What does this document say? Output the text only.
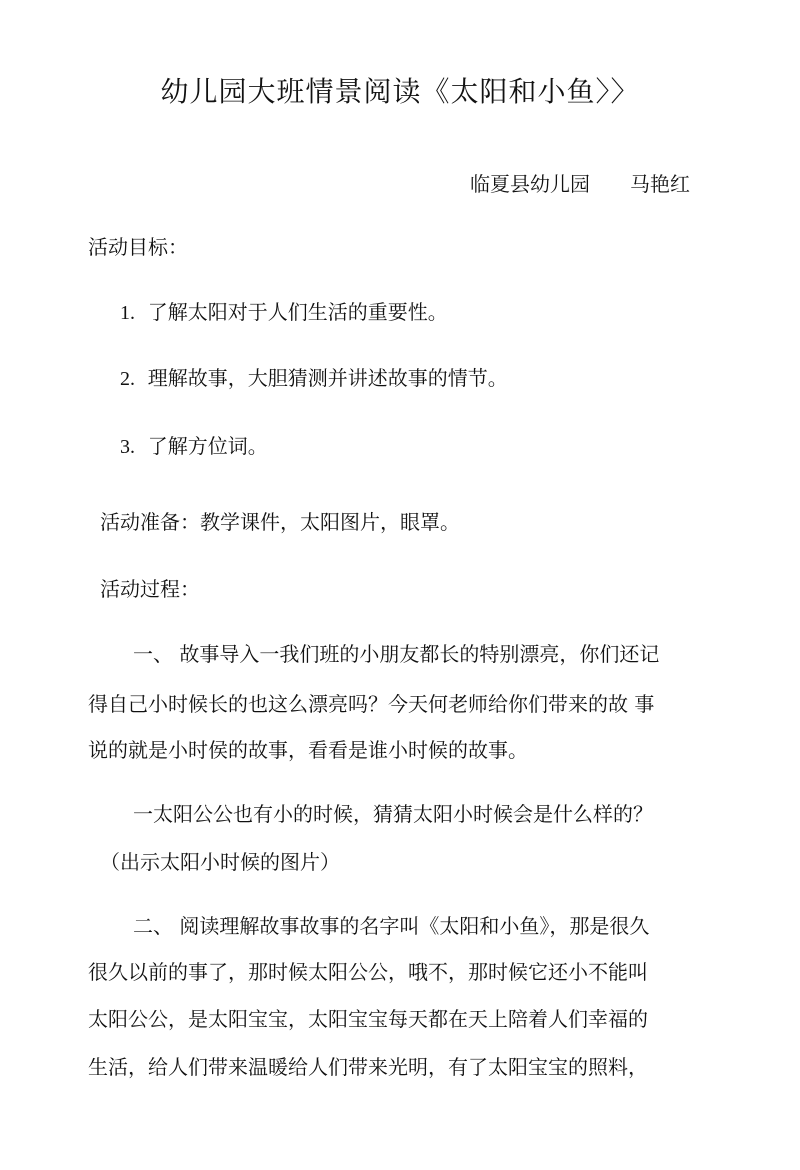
幼儿园大班情景阅读《太阳和小鱼〉〉
临夏县幼儿园 马艳红
活动目标：
1. 了解太阳对于人们生活的重要性。
2. 理解故事，大胆猜测并讲述故事的情节。
3. 了解方位词。
活动准备：教学课件，太阳图片，眼罩。
活动过程：
一、 故事导入一我们班的小朋友都长的特别漂亮，你们还记
得自己小时候长的也这么漂亮吗？今天何老师给你们带来的故 事
说的就是小时侯的故事，看看是谁小时候的故事。
一太阳公公也有小的时候，猜猜太阳小时候会是什么样的？
（出示太阳小时候的图片）
二、 阅读理解故事故事的名字叫《太阳和小鱼》，那是很久
很久以前的事了，那时候太阳公公，哦不，那时候它还小不能叫
太阳公公，是太阳宝宝，太阳宝宝每天都在天上陪着人们幸福的
生活，给人们带来温暖给人们带来光明，有了太阳宝宝的照料，
